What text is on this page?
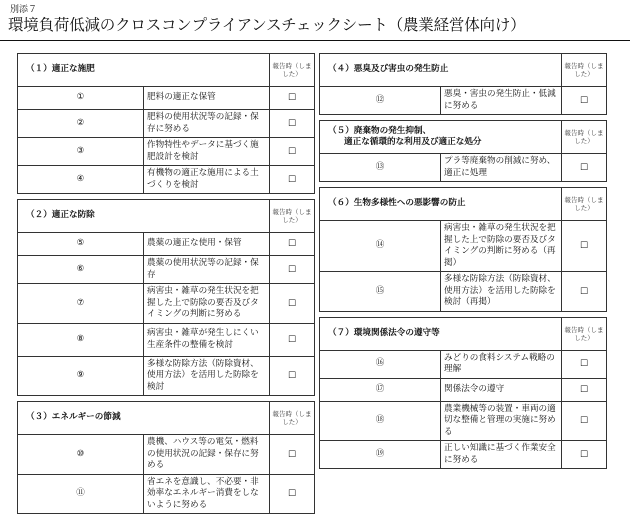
別添７
環境負荷低減のクロスコンプライアンスチェックシート（農業経営体向け）
（１）適正な施肥		報告時（しました）
①	肥料の適正な保管	□
②	肥料の使用状況等の記録・保存に努める	□
③	作物特性やデータに基づく施肥設計を検討	□
④	有機物の適正な施用による土づくりを検討	□
（２）適正な防除		報告時（しました）
⑤	農薬の適正な使用・保管	□
⑥	農薬の使用状況等の記録・保存	□
⑦	病害虫・雑草の発生状況を把握した上で防除の要否及びタイミングの判断に努める	□
⑧	病害虫・雑草が発生しにくい生産条件の整備を検討	□
⑨	多様な防除方法（防除資材、使用方法）を活用した防除を検討	□
（３）エネルギーの節減		報告時（しました）
⑩	農機、ハウス等の電気・燃料の使用状況の記録・保存に努める	□
⑪	省エネを意識し、不必要・非効率なエネルギー消費をしないように努める	□
（４）悪臭及び害虫の発生防止		報告時（しました）
⑫	悪臭・害虫の発生防止・低減に努める	□
（５）廃棄物の発生抑制、
適正な循環的な利用及び適正な処分		報告時（しました）
⑬	プラ等廃棄物の削減に努め、適正に処理	□
（６）生物多様性への悪影響の防止		報告時（しました）
⑭	病害虫・雑草の発生状況を把握した上で防除の要否及びタイミングの判断に努める（再掲）	□
⑮	多様な防除方法（防除資材、使用方法）を活用した防除を検討（再掲）	□
（７）環境関係法令の遵守等		報告時（しました）
⑯	みどりの食料システム戦略の理解	□
⑰	関係法令の遵守	□
⑱	農業機械等の装置・車両の適切な整備と管理の実施に努める	□
⑲	正しい知識に基づく作業安全に努める	□
